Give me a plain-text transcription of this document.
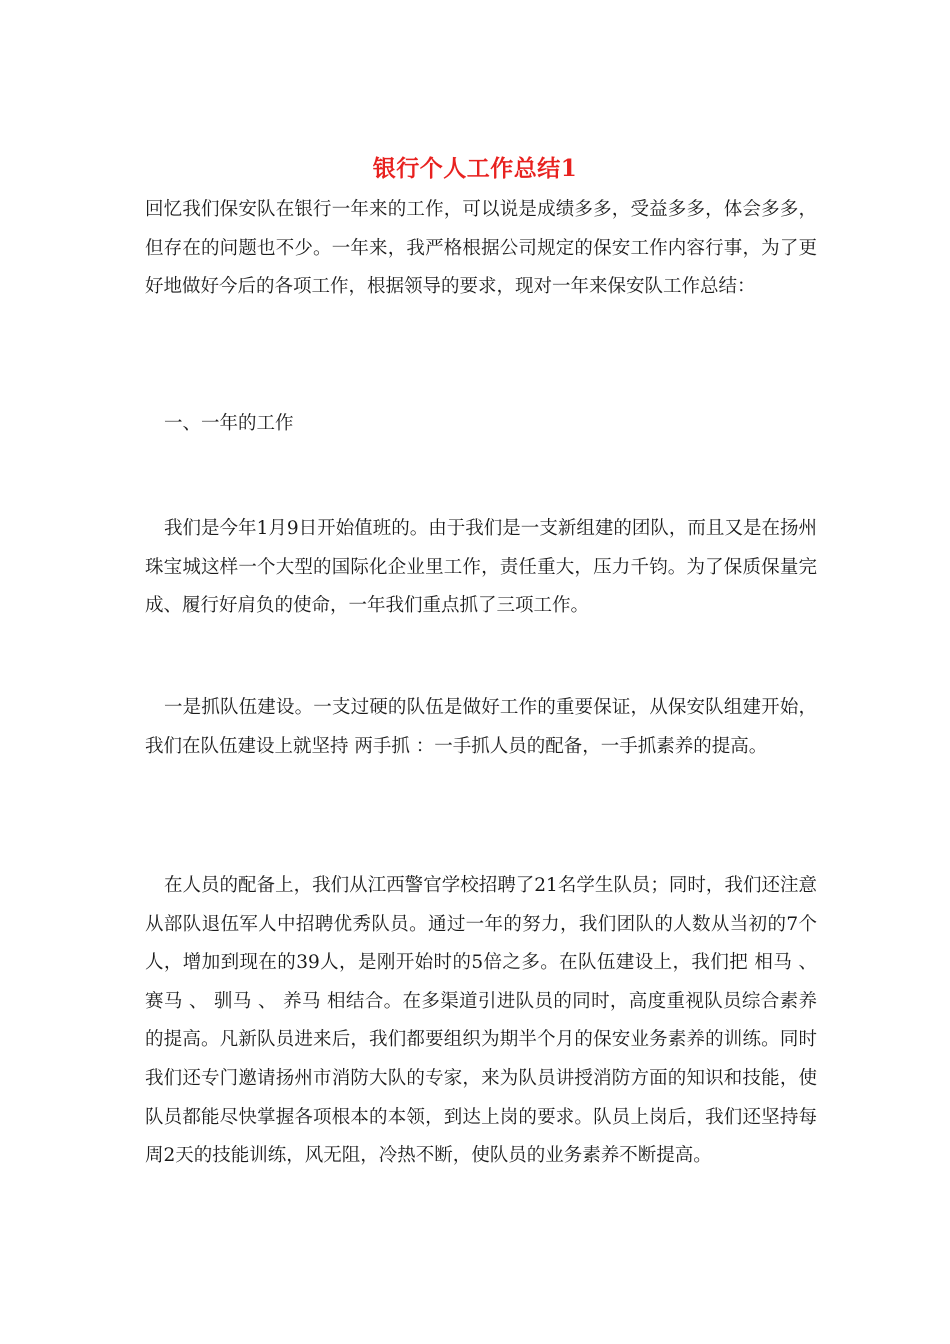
银行个人工作总结1

回忆我们保安队在银行一年来的工作，可以说是成绩多多，受益多多，体会多多，但存在的问题也不少。一年来，我严格根据公司规定的保安工作内容行事，为了更好地做好今后的各项工作，根据领导的要求，现对一年来保安队工作总结：

一、一年的工作

我们是今年1月9日开始值班的。由于我们是一支新组建的团队，而且又是在扬州珠宝城这样一个大型的国际化企业里工作，责任重大，压力千钧。为了保质保量完成、履行好肩负的使命，一年我们重点抓了三项工作。

一是抓队伍建设。一支过硬的队伍是做好工作的重要保证，从保安队组建开始，我们在队伍建设上就坚持 两手抓 ：一手抓人员的配备，一手抓素养的提高。

在人员的配备上，我们从江西警官学校招聘了21名学生队员；同时，我们还注意从部队退伍军人中招聘优秀队员。通过一年的努力，我们团队的人数从当初的7个人，增加到现在的39人，是刚开始时的5倍之多。在队伍建设上，我们把 相马 、 赛马 、 驯马 、 养马 相结合。在多渠道引进队员的同时，高度重视队员综合素养的提高。凡新队员进来后，我们都要组织为期半个月的保安业务素养的训练。同时我们还专门邀请扬州市消防大队的专家，来为队员讲授消防方面的知识和技能，使队员都能尽快掌握各项根本的本领，到达上岗的要求。队员上岗后，我们还坚持每周2天的技能训练，风无阻，冷热不断，使队员的业务素养不断提高。
